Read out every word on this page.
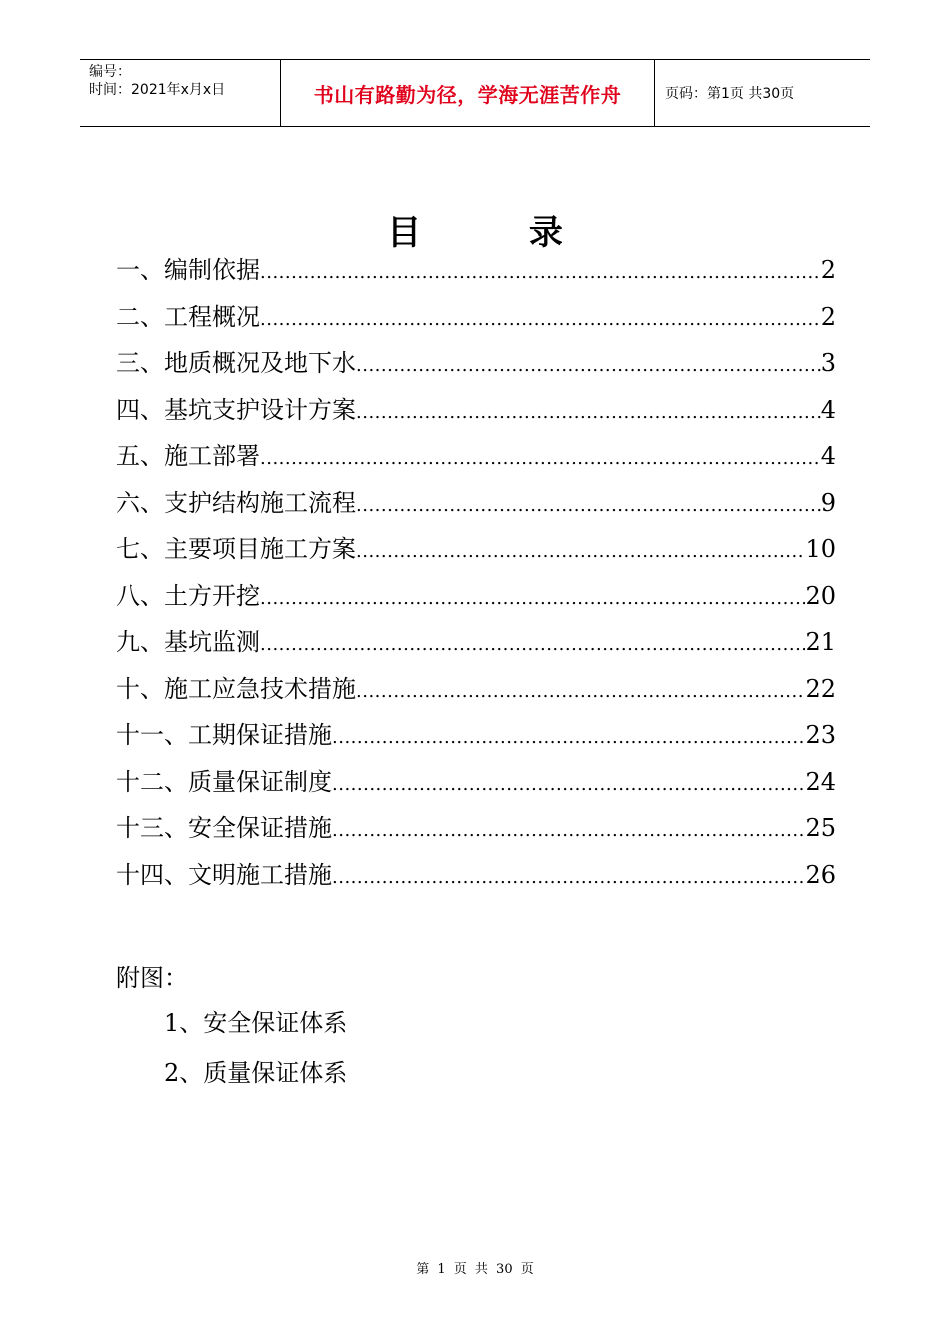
编号：
时间：2021年x月x日	书山有路勤为径，学海无涯苦作舟	页码：第1页 共30页
目 录
一、编制依据 .....	2
二、工程概况 .....	2
三、地质概况及地下水 .....	3
四、基坑支护设计方案 .....	4
五、施工部署 .....	4
六、支护结构施工流程 .....	9
七、主要项目施工方案 .....	10
八、土方开挖 .....	20
九、基坑监测 .....	21
十、施工应急技术措施 .....	22
十一、工期保证措施 .....	23
十二、质量保证制度 .....	24
十三、安全保证措施 .....	25
十四、文明施工措施 .....	26
附图：
1、安全保证体系
2、质量保证体系
第 1 页 共 30 页
